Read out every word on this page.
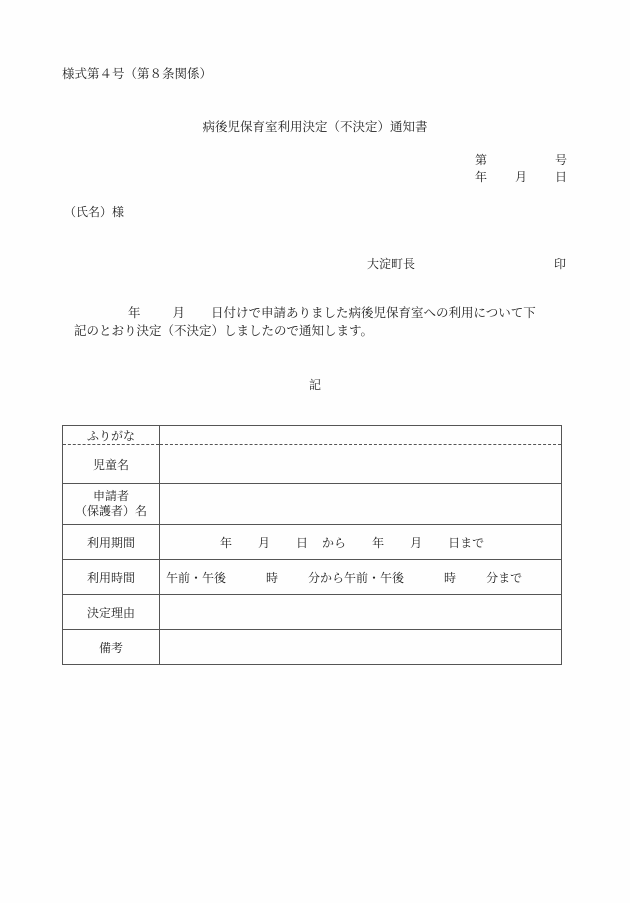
様式第４号（第８条関係）
病後児保育室利用決定（不決定）通知書
第	号
年 月 日
（氏名）様
大淀町長	印
年	月 日付けで申請ありました病後児保育室への利用について下
記のとおり決定（不決定）しましたので通知します。
記
ふりがな	
児童名	

申請者
（保護者）名	

利用期間	年 月 日 から 年 月 日まで

利用時間	午前・午後 時 分から午前・午後 時 分まで

決定理由	
備考	
